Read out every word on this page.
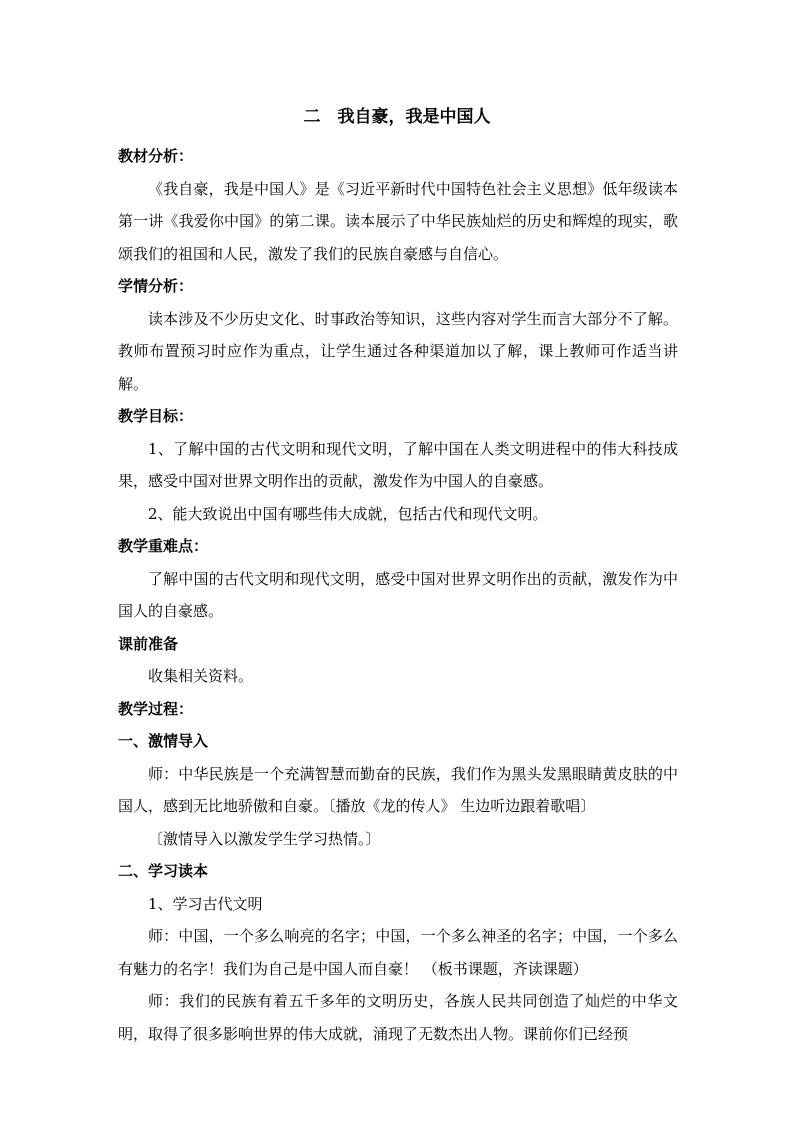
二　我自豪，我是中国人
教材分析：
《我自豪，我是中国人》是《习近平新时代中国特色社会主义思想》低年级读本第一讲《我爱你中国》的第二课。读本展示了中华民族灿烂的历史和辉煌的现实，歌颂我们的祖国和人民，激发了我们的民族自豪感与自信心。
学情分析：
读本涉及不少历史文化、时事政治等知识，这些内容对学生而言大部分不了解。教师布置预习时应作为重点，让学生通过各种渠道加以了解，课上教师可作适当讲解。
教学目标：
1、了解中国的古代文明和现代文明，了解中国在人类文明进程中的伟大科技成果，感受中国对世界文明作出的贡献，激发作为中国人的自豪感。
2、能大致说出中国有哪些伟大成就，包括古代和现代文明。
教学重难点：
了解中国的古代文明和现代文明，感受中国对世界文明作出的贡献，激发作为中国人的自豪感。
课前准备
收集相关资料。
教学过程：
一、激情导入
师：中华民族是一个充满智慧而勤奋的民族，我们作为黑头发黑眼睛黄皮肤的中国人，感到无比地骄傲和自豪。〔播放《龙的传人》 生边听边跟着歌唱〕
〔激情导入以激发学生学习热情。〕
二、学习读本
1、学习古代文明
师：中国，一个多么响亮的名字；中国，一个多么神圣的名字；中国，一个多么有魅力的名字！我们为自己是中国人而自豪！ （板书课题，齐读课题）
师：我们的民族有着五千多年的文明历史，各族人民共同创造了灿烂的中华文明，取得了很多影响世界的伟大成就，涌现了无数杰出人物。课前你们已经预
